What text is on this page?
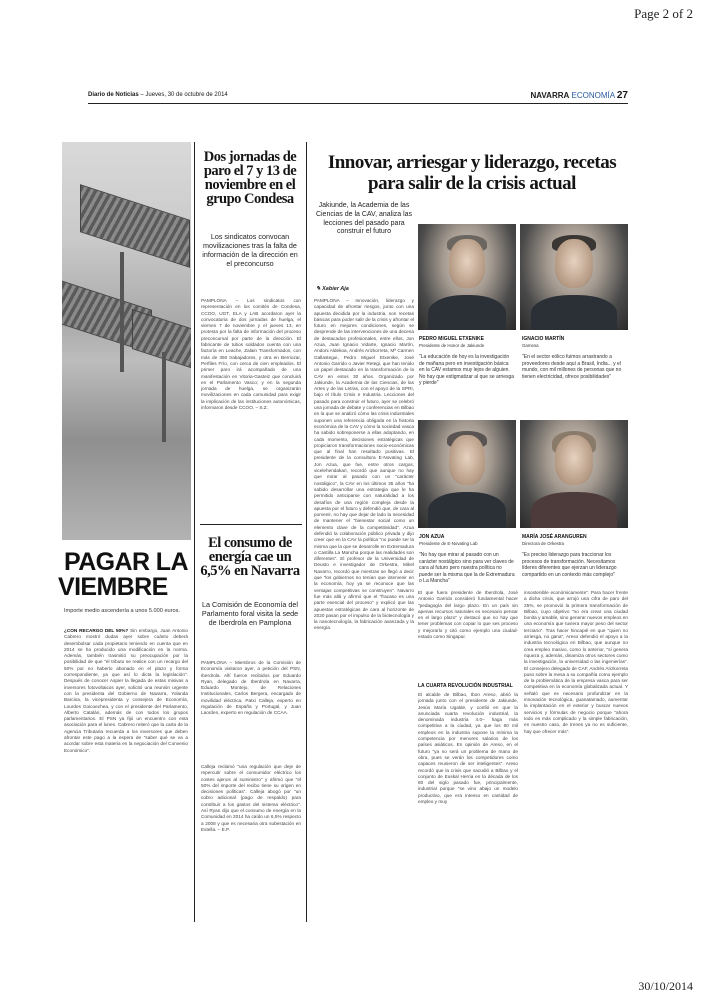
Page 2 of 2
Diario de Noticias – Jueves, 30 de octubre de 2014	NAVARRA ECONOMÍA 27
PAGAR LA
VIEMBRE
Importe medio ascendería a unos 5.000 euros.
¿CON RECARGO DEL 50%? Sin embargo, Juan Antonio Cabrero mostró dudas ayer sobre cuánto deberá desembolsar cada propietario teniendo en cuenta que en 2014 se ha producido una modificación en la norma. Además, también trasmitió su preocupación por la posibilidad de que "el tributo se realice con un recargo del 50% por no haberlo abonado en el plazo y forma correspondiente, ya que así lo dicta la legislación". Después de conocer Aspier la llegada de estas misivas a inversores fotovoltaicos ayer, solicitó una reunión urgente con la presidenta del Gobierno de Navarra, Yolanda Barcina, la vicepresidenta y consejera de Economía, Lourdes Goicoechea, y con el presidente del Parlamento, Alberto Catalán, además de con todos los grupos parlamentarios. El PSN ya fijó un encuentro con esta asociación para el lunes. Cabrero reiteró que la carta de la Agencia Tributaria recuerda a los inversores que deben afrontar este pago a la espera de "saber qué se va a acordar sobre esta materia en la negociación del Convenio Económico".
Dos jornadas de paro el 7 y 13 de noviembre en el grupo Condesa
Los sindicatos convocan movilizaciones tras la falta de información de la dirección en el preconcurso
PAMPLONA – Los sindicatos con representación en los comités de Condesa, CCOO, UGT, ELA y LAB acordaron ayer la convocatoria de dos jornadas de huelga, el viernes 7 de noviembre y el jueves 13, en protesta por la falta de información del proceso preconcursal por parte de la dirección. El fabricante de tubos soldados cuenta con una factoría en Leache, Zalain Transformados, con más de 350 trabajadores, y otra en Berriozar, Perfiles Frío, con cerca de cien empleados. El primer paro irá acompañado de una manifestación en Vitoria-Gasteiz que concluirá en el Parlamento Vasco; y en la segunda jornada de huelga, se organizarán movilizaciones en cada comunidad para exigir la implicación de las instituciones autonómicas, informaron desde CCOO. – S.Z.
El consumo de energía cae un 6,5% en Navarra
La Comisión de Economía del Parlamento foral visita la sede de Iberdrola en Pamplona
PAMPLONA – Miembros de la Comisión de Economía visitaron ayer, a petición del PSN, Iberdrola. Allí fueron recibidos por Eduardo Ryan, delegado de Iberdrola en Navarra, Eduardo Montejo, de Relaciones Institucionales, Carlos Bergera, encargado de movilidad eléctrica, Patxi Calleja, experto en regulación de España y Portugal, y Juan Laorden, experto en regulación de CCAA.
Calleja reclamó "una regulación que deje de repercutir sobre el consumidor eléctrico los costes ajenos al suministro" y afirmó que "el 50% del importe del recibo tiene su origen en decisiones políticas". Calleja abogó por "un cobro adicional (pago de respaldo) para contribuir a los gastos del sistema eléctrico". Así Ryan dijo que el consumo de energía en la Comunidad en 2014 ha caído un 6,5% respecto a 2008 y que es necesaria otra subestación en Estella. – E.P.
Innovar, arriesgar y liderazgo, recetas para salir de la crisis actual
Jakiunde, la Academia de las Ciencias de la CAV, analiza las lecciones del pasado para construir el futuro
✎ Xabier Aja
PAMPLONA – Innovación, liderazgo y capacidad de afrontar riesgos, junto con una apuesta decidida por la industria, son recetas básicas para poder salir de la crisis y afrontar el futuro en mejores condiciones, según se desprende de las intervenciones de una decena de destacados profesionales, entre ellos, Jon Azua, Juan Ignacio Vidarte, Ignacio Martín, Andoni Aldekoa, Andrés Arizkorreta, Mª Carmen Gallastegui, Pedro Miguel Etxenike, José Antonio Garrido o Javier Retegi, que han tenido un papel destacado en la transformación de la CAV en estos 30 años. Organizado por Jakiunde, la Academia de las Ciencias, de las Artes y de las Letras, con el apoyo de la SPRI, bajo el título Crisis e Industria. Lecciones del pasado para construir el futuro, ayer se celebró una jornada de debate y conferencias en Bilbao en la que se analizó cómo las crisis industriales suponen una referencia obligada en la historia económica de la CAV y cómo la sociedad vasca ha sabido sobreponerse a ellas adoptando, en cada momento, decisiones estratégicas que propiciaron transformaciones socio-económicas que al final han resultado positivas. El presidente de la consultora E-Novating Lab, Jon Azua, que fue, entre otros cargos, vicelehendakari, recordó que aunque no hay que mirar al pasado con un "carácter nostálgico", la CAV en los últimos 35 años "ha sabido desarrollar una estrategia que le ha permitido anticiparse con naturalidad a los desafíos de una región compleja desde la apuesta por el futuro y defendió que, de cara al porvenir, no hay que dejar de lado la necesidad de mantener el "bienestar social como un elemento clave de la competitividad". Azua defendió la colaboración público privada y dijo creer que en la CAV la política "no puede ser la misma que la que se desarrolle en Extremadura o Castilla La Mancha porque las realidades son diferentes". El profesor de la Universidad de Deusto e investigador de Orkestra, Mikel Navarro, recordó que mientras se llegó a decir que "los gobiernos no tenían que intervenir en la economía, hoy ya se reconoce que las ventajas competitivas se construyen". Navarro fue más allá y afirmó que el "fracaso es una parte esencial del proceso" y explicó que las apuestas estratégicas de cara al horizonte de 2020 pasan por el impulso de la biotecnología y la nanotecnología, la fabricación avanzada y la energía.
PEDRO MIGUEL ETXENIKE
Presidente de Honor de Jakiunde
"La educación de hoy es la investigación de mañana pero en investigación básica en la CAV estamos muy lejos de alguien. No hay que estigmatizar al que se arriesga y pierde"
IGNACIO MARTÍN
Gamesa
"En el sector eólico fuimos arrastrando a proveedores desde aquí a Brasil, India... y el mundo, con mil millones de personas que no tienen electricidad, ofrece posibilidades"
JON AZUA
Presidente de E-Novating Lab
"No hay que mirar al pasado con un carácter nostálgico sino para ver claves de cara al futuro pero nuestra política no puede ser la misma que la de Extremadura o La Mancha"
MARÍA JOSÉ ARANGUREN
Directora de Orkestra
"Es preciso liderazgo para traccionar los procesos de transformación. Necesitamos líderes diferentes que ejerzan un liderazgo compartido en un contexto más complejo"
El que fuera presidente de Iberdrola, José Antonio Garrido consideró fundamental hacer "pedagogía del largo plazo. En un país sin apenas recursos naturales es necesario pensar en el largo plazo" y destacó que no hay que tener problemas con copiar lo que ses proceso y mejorarlo y citó como ejemplo una ciudad-estado como Singapur.
LA CUARTA REVOLUCIÓN INDUSTRIAL
El alcalde de Bilbao, Ibon Areso, abrió la jornada junto con el presidente de Jakiunde, Jesús María Ugalde, y confió en que la anunciada cuarta revolución industrial, la denominada industria 4.0– haga más competitiva a la ciudad, ya que los 60 mil empleos en la industria supone la mínima la competencia por menores salarios de los países asiáticos. En opinión de Areso, en el futuro "ya no será un problema de mano de obra, pues se verán los competidores como capaces reunieron de ser inteligentes". Areso recordó que la crisis que sacudió a Bilbao y el conjunto de Euskal Herria en la década de los 80 del siglo pasado fue, principalmente, industrial porque "se vino abajo un modelo productivo, que era intenso en cantidad de empleo y muy
insostenible económicamente". Para hacer frente a dicha crisis, que arrojó una cifra de paro del 25%, se promovió la primera transformación de Bilbao, cuyo objetivo "no era crear una ciudad bonita y amable, sino generar nuevos empleos en una economía que tuviera mayor peso del sector terciario". Tras hacer hincapié en que "quien no arriesga, no gana", Areso defendió el apoyo a la industria tecnológica en Bilbao, que aunque no crea empleo masivo, como lo anterior, "sí genera riqueza y, además, dinamiza otros sectores como la investigación, la universidad o las ingenierías". El consejero delegado de CAF, Andrés Arizkorreta puso sobre la mesa a su compañía como ejemplo de la problemática de la empresa vasca para ser competitiva en la economía globalizada actual. Y señaló que es necesario profundizar en la innovación tecnológica, guanatamado, aumentar la implantación en el exterior y buscar nuevos servicios y fórmulas de negocio porque "ahora todo es más complicado y la simple fabricación, en nuestro caso, de trenes ya no es suficiente, hay que ofrecer más".
30/10/2014
